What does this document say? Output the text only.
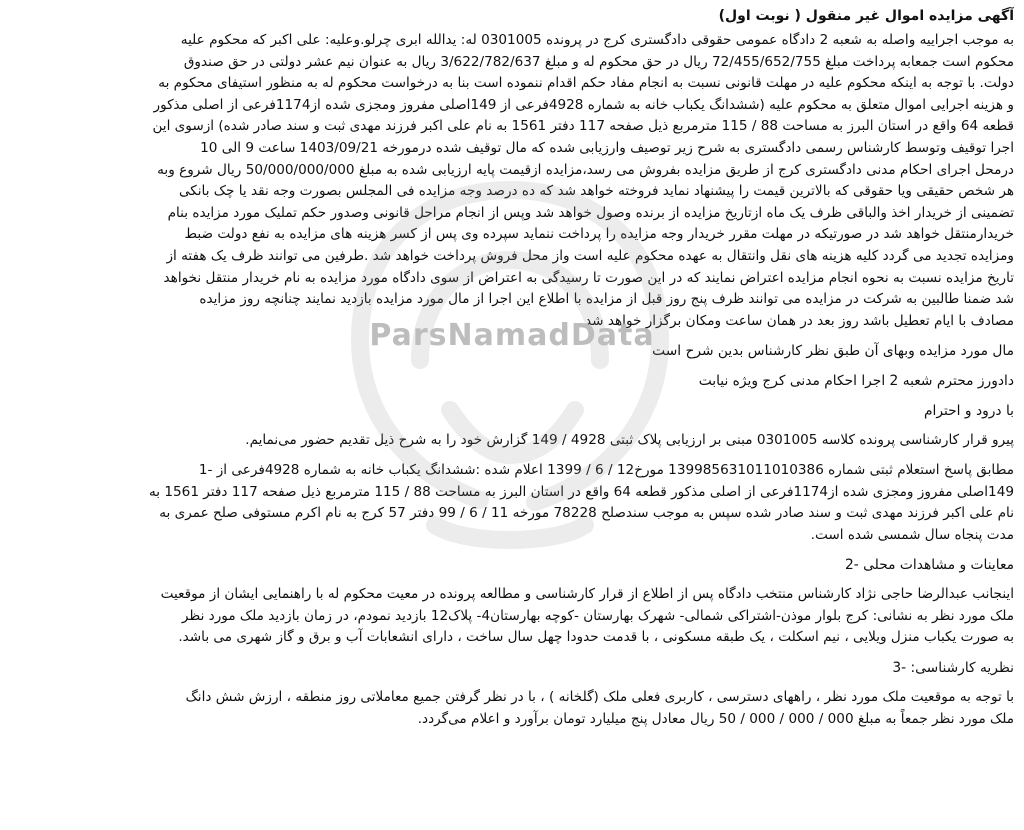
آگهی مزایده اموال غیر منقول ( نوبت اول)
به موجب اجراییه واصله به شعبه 2 دادگاه عمومی حقوقی دادگستری کرج در پرونده 0301005 له: یدالله ابری چرلو.وعلیه: علی اکبر که محکوم علیه
محکوم است جمعابه پرداخت مبلغ 72/455/652/755 ریال در حق محکوم له و مبلغ 3/622/782/637 ریال به عنوان نیم عشر دولتی در حق صندوق
دولت. با توجه به اینکه محکوم علیه در مهلت قانونی نسبت به انجام مفاد حکم اقدام ننموده است بنا به درخواست محکوم له به منظور استیفای محکوم به
و هزینه اجرایی اموال متعلق به محکوم علیه (ششدانگ یکباب خانه به شماره 4928فرعی از 149اصلی مفروز ومجزی شده از1174فرعی از اصلی مذکور
قطعه 64 واقع در استان البرز به مساحت 88 / 115 مترمربع ذیل صفحه 117 دفتر 1561 به نام علی اکبر فرزند مهدی ثبت و سند صادر شده) ازسوی این
اجرا توقیف وتوسط کارشناس رسمی دادگستری به شرح زیر توصیف وارزیابی شده که مال توقیف شده درمورخه 1403/09/21 ساعت 9 الی 10
درمحل اجرای احکام مدنی دادگستری کرج از طریق مزایده بفروش می رسد،مزایده ازقیمت پایه ارزیابی شده به مبلغ 50/000/000/000 ریال شروع وبه
هر شخص حقیقی ویا حقوقی که بالاترین قیمت را پیشنهاد نماید فروخته خواهد شد که ده درصد وجه مزایده فی المجلس بصورت وجه نقد یا چک بانکی
تضمینی از خریدار اخذ والباقی ظرف یک ماه ازتاریخ مزایده از برنده وصول خواهد شد وپس از انجام مراحل قانونی وصدور حکم تملیک مورد مزایده بنام
خریدارمنتقل خواهد شد در صورتیکه در مهلت مقرر خریدار وجه مزایده را پرداخت ننماید سپرده وی پس از کسر هزینه های مزایده به نفع دولت ضبط
ومزایده تجدید می گردد کلیه هزینه های نقل وانتقال به عهده محکوم علیه است واز محل فروش پرداخت خواهد شد .طرفین می توانند ظرف یک هفته از
تاریخ مزایده نسبت به نحوه انجام مزایده اعتراض نمایند که در این صورت تا رسیدگی به اعتراض از سوی دادگاه مورد مزایده به نام خریدار منتقل نخواهد
شد ضمنا طالبین به شرکت در مزایده می توانند ظرف پنج روز قبل از مزایده با اطلاع این اجرا از مال مورد مزایده بازدید نمایند چنانچه روز مزایده
مصادف با ایام تعطیل باشد روز بعد در همان ساعت ومکان برگزار خواهد شد .
مال مورد مزایده وبهای آن طبق نظر کارشناس بدین شرح است
دادورز محترم شعبه 2 اجرا احکام مدنی کرج ویژه نیابت
با درود و احترام
پیرو قرار کارشناسی پرونده کلاسه 0301005 مبنی بر ارزیابی پلاک ثبتی 4928 / 149 گزارش خود را به شرح ذیل تقدیم حضور می‌نمایم.
مطابق پاسخ استعلام ثبتی شماره 139985631011010386 مورخ12 / 6 / 1399 اعلام شده :ششدانگ یکباب خانه به شماره 4928فرعی از -1
149اصلی مفروز ومجزی شده از1174فرعی از اصلی مذکور قطعه 64 واقع در استان البرز به مساحت 88 / 115 مترمربع ذیل صفحه 117 دفتر 1561 به
نام علی اکبر فرزند مهدی ثبت و سند صادر شده سپس به موجب سندصلح 78228 مورخه 11 / 6 / 99 دفتر 57 کرج به نام اکرم مستوفی صلح عمری به
مدت پنجاه سال شمسی شده است.
معاینات و مشاهدات محلی -2
اینجانب عبدالرضا حاجی نژاد کارشناس منتخب دادگاه پس از اطلاع از قرار کارشناسی و مطالعه پرونده در معیت محکوم له با راهنمایی ایشان از موقعیت
ملک مورد نظر به نشانی: کرج بلوار موذن-اشتراکی شمالی- شهرک بهارستان -کوچه بهارستان4- پلاک12 بازدید نمودم، در زمان بازدید ملک مورد نظر
به صورت یکباب منزل ویلایی ، نیم اسکلت ، یک طبقه مسکونی ، با قدمت حدودا چهل سال ساخت ، دارای انشعابات آب و برق و گاز شهری می باشد.
نظریه کارشناسی: -3
با توجه به موقعیت ملک مورد نظر ، راههای دسترسی ، کاربری فعلی ملک (گلخانه ) ، با در نظر گرفتن جمیع معاملاتی روز منطقه ، ارزش شش دانگ
ملک مورد نظر جمعاً به مبلغ 000 / 000 / 000 / 50 ریال معادل پنج میلیارد تومان برآورد و اعلام می‌گردد.
ParsNamadData
